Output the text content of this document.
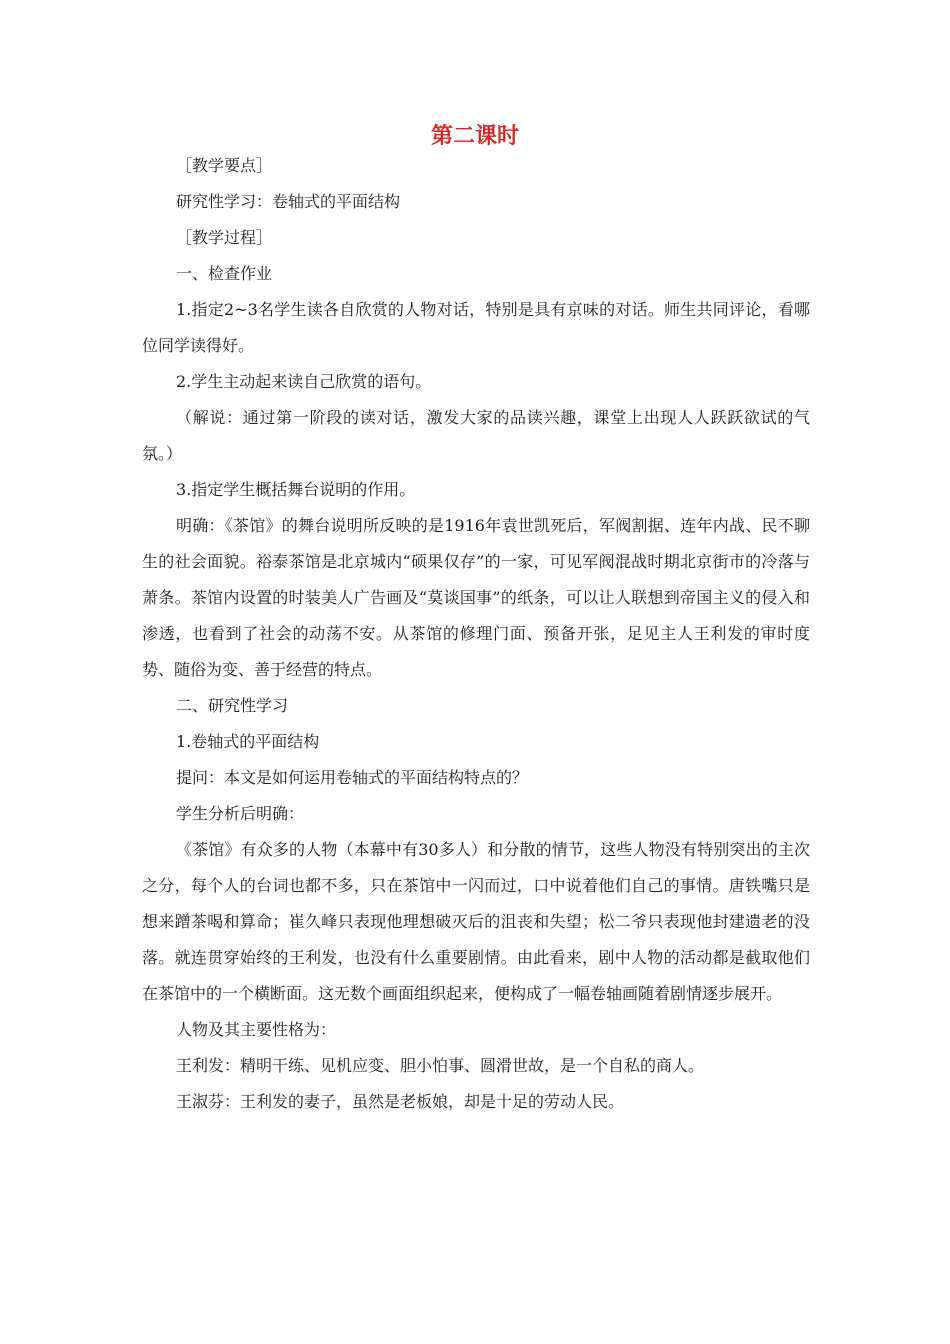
第二课时

［教学要点］

研究性学习：卷轴式的平面结构

［教学过程］

一、检查作业

1.指定2~3名学生读各自欣赏的人物对话，特别是具有京味的对话。师生共同评论，看哪位同学读得好。

2.学生主动起来读自己欣赏的语句。

（解说：通过第一阶段的读对话，激发大家的品读兴趣，课堂上出现人人跃跃欲试的气氛。）

3.指定学生概括舞台说明的作用。

明确：《茶馆》的舞台说明所反映的是1916年袁世凯死后，军阀割据、连年内战、民不聊生的社会面貌。裕泰茶馆是北京城内“硕果仅存”的一家，可见军阀混战时期北京街市的冷落与萧条。茶馆内设置的时装美人广告画及“莫谈国事”的纸条，可以让人联想到帝国主义的侵入和渗透，也看到了社会的动荡不安。从茶馆的修理门面、预备开张，足见主人王利发的审时度势、随俗为变、善于经营的特点。

二、研究性学习

1.卷轴式的平面结构

提问：本文是如何运用卷轴式的平面结构特点的？

学生分析后明确：

《茶馆》有众多的人物（本幕中有30多人）和分散的情节，这些人物没有特别突出的主次之分，每个人的台词也都不多，只在茶馆中一闪而过，口中说着他们自己的事情。唐铁嘴只是想来蹭茶喝和算命；崔久峰只表现他理想破灭后的沮丧和失望；松二爷只表现他封建遗老的没落。就连贯穿始终的王利发，也没有什么重要剧情。由此看来，剧中人物的活动都是截取他们在茶馆中的一个横断面。这无数个画面组织起来，便构成了一幅卷轴画随着剧情逐步展开。

人物及其主要性格为：

王利发：精明干练、见机应变、胆小怕事、圆滑世故，是一个自私的商人。

王淑芬：王利发的妻子，虽然是老板娘，却是十足的劳动人民。
